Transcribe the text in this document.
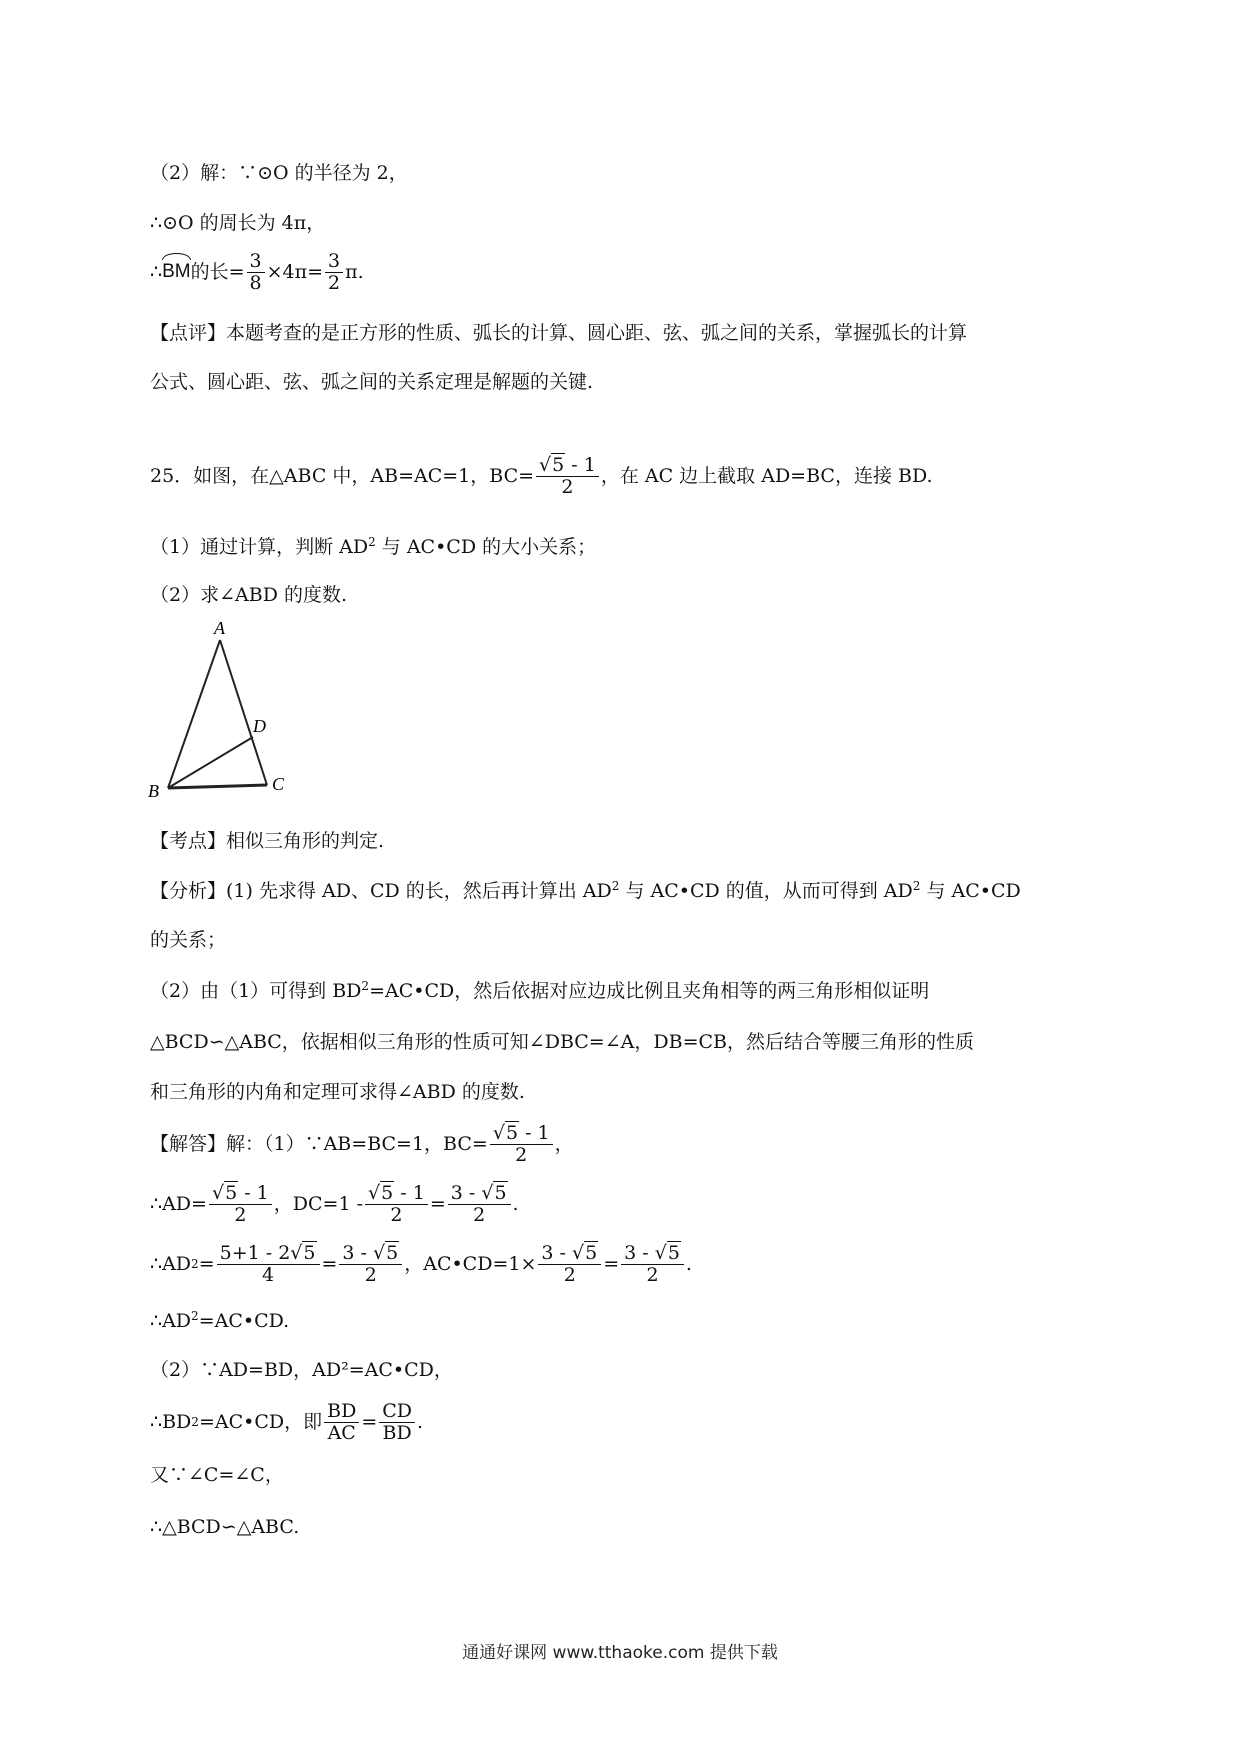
（2）解：∵⊙O 的半径为 2，
∴⊙O 的周长为 4π，
∴ BM 的长= $\frac{3}{8} \times 4\pi= \frac{3}{2} \pi$.
【点评】本题考查的是正方形的性质、弧长的计算、圆心距、弦、弧之间的关系，掌握弧长的计算
公式、圆心距、弦、弧之间的关系定理是解题的关键.
25．如图，在△ABC 中，AB=AC=1，$BC= \frac{√5 - 1}{2}$ ，在 AC 边上截取 AD=BC，连接 BD.
（1）通过计算，判断 $AD^2$ 与 AC•CD 的大小关系；
（2）求∠ABD 的度数.
A
B	C
D
【考点】相似三角形的判定.
【分析】(1) 先求得 AD、CD 的长，然后再计算出 $AD^2$ 与 AC•CD 的值，从而可得到 $AD^2$ 与 AC•CD
的关系；
（2）由（1）可得到 $BD^2=AC•CD$，然后依据对应边成比例且夹角相等的两三角形相似证明
△BCD∽△ABC，依据相似三角形的性质可知∠DBC=∠A，DB=CB，然后结合等腰三角形的性质
和三角形的内角和定理可求得∠ABD 的度数.
【解答】解：（1）∵AB=BC=1，$BC= \frac{√5 - 1}{2}$ ，
∴AD= $\frac{√5 - 1}{2}$ ，$DC=1 - \frac{√5 - 1}{2} = \frac{3 - √5}{2}$ .
∴AD $2 = \frac{5+1 - 2√5}{4} = \frac{3 - √5}{2}$ ，AC•CD=1× $\frac{3 - √5}{2} = \frac{3 - √5}{2}$ .
$\therefore AD^2=AC•CD$.
（2）∵AD=BD，AD²=AC•CD，
∴BD 2 =AC•CD，即 $\frac{BD}{AC} = \frac{CD}{BD}$ .
又∵∠C=∠C，
∴△BCD∽△ABC.
通通好课网 www.tthaoke.com 提供下载
